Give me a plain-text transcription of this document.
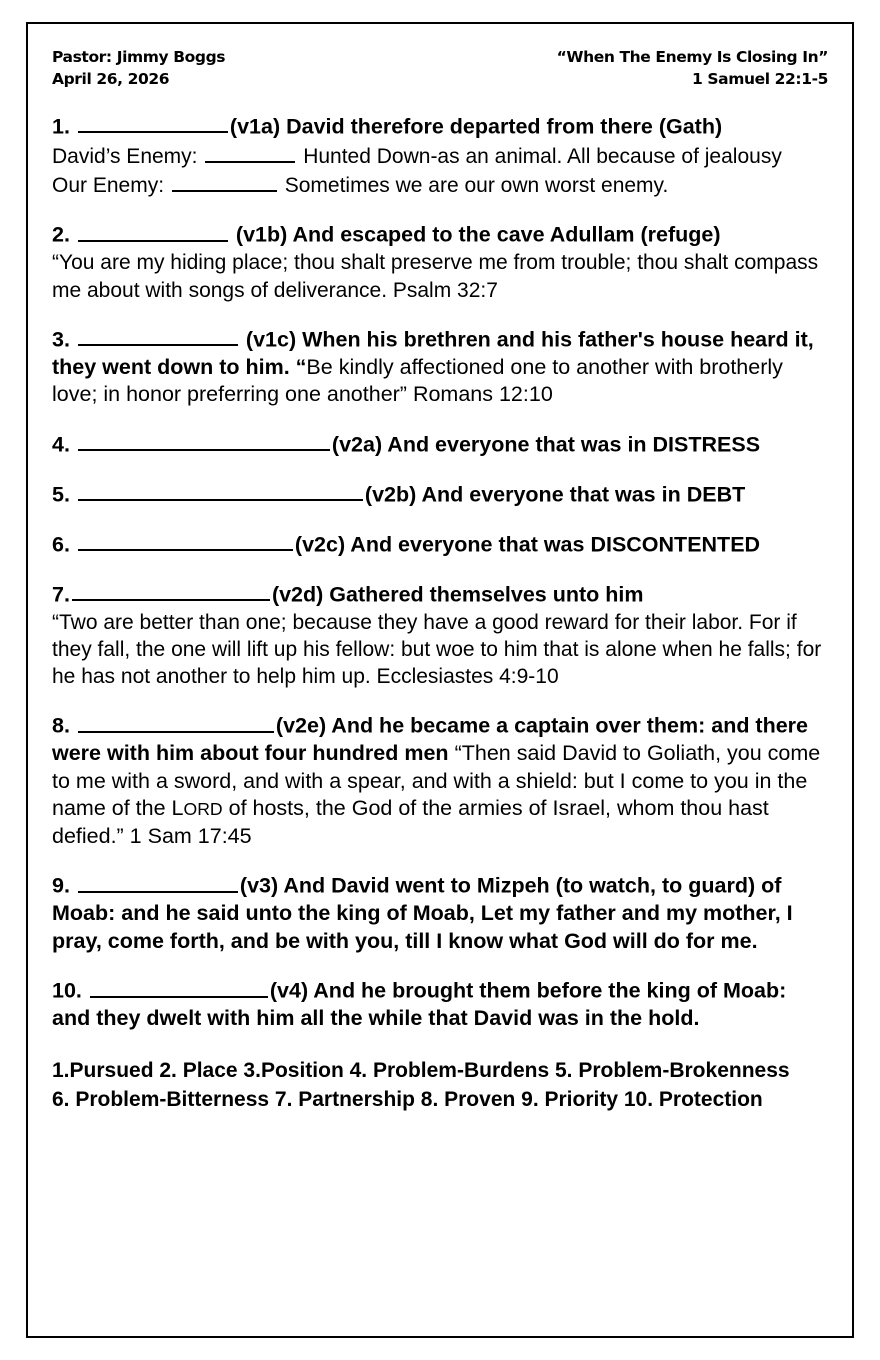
Pastor: Jimmy Boggs
April 26, 2026
“When The Enemy Is Closing In”
1 Samuel 22:1-5
1.	(v1a) David therefore departed from there (Gath)
David’s Enemy:	Hunted Down-as an animal. All because of jealousy
Our Enemy:	Sometimes we are our own worst enemy.
2.	(v1b) And escaped to the cave Adullam (refuge)
“You are my hiding place; thou shalt preserve me from trouble; thou shalt compass me about with songs of deliverance. Psalm 32:7
3.	(v1c) When his brethren and his father's house heard it, they went down to him. “Be kindly affectioned one to another with brotherly love; in honor preferring one another” Romans 12:10
4.	(v2a) And everyone that was in DISTRESS
5.	(v2b) And everyone that was in DEBT
6.	(v2c) And everyone that was DISCONTENTED
7.	(v2d) Gathered themselves unto him
“Two are better than one; because they have a good reward for their labor. For if they fall, the one will lift up his fellow: but woe to him that is alone when he falls; for he has not another to help him up. Ecclesiastes 4:9-10
8.	(v2e) And he became a captain over them: and there were with him about four hundred men “Then said David to Goliath, you come to me with a sword, and with a spear, and with a shield: but I come to you in the name of the LORD of hosts, the God of the armies of Israel, whom thou hast defied.” 1 Sam 17:45
9.	(v3) And David went to Mizpeh (to watch, to guard) of Moab: and he said unto the king of Moab, Let my father and my mother, I pray, come forth, and be with you, till I know what God will do for me.
10.	(v4) And he brought them before the king of Moab: and they dwelt with him all the while that David was in the hold.
1.Pursued 2. Place 3.Position 4. Problem-Burdens 5. Problem-Brokenness
6. Problem-Bitterness 7. Partnership 8. Proven 9. Priority 10. Protection
